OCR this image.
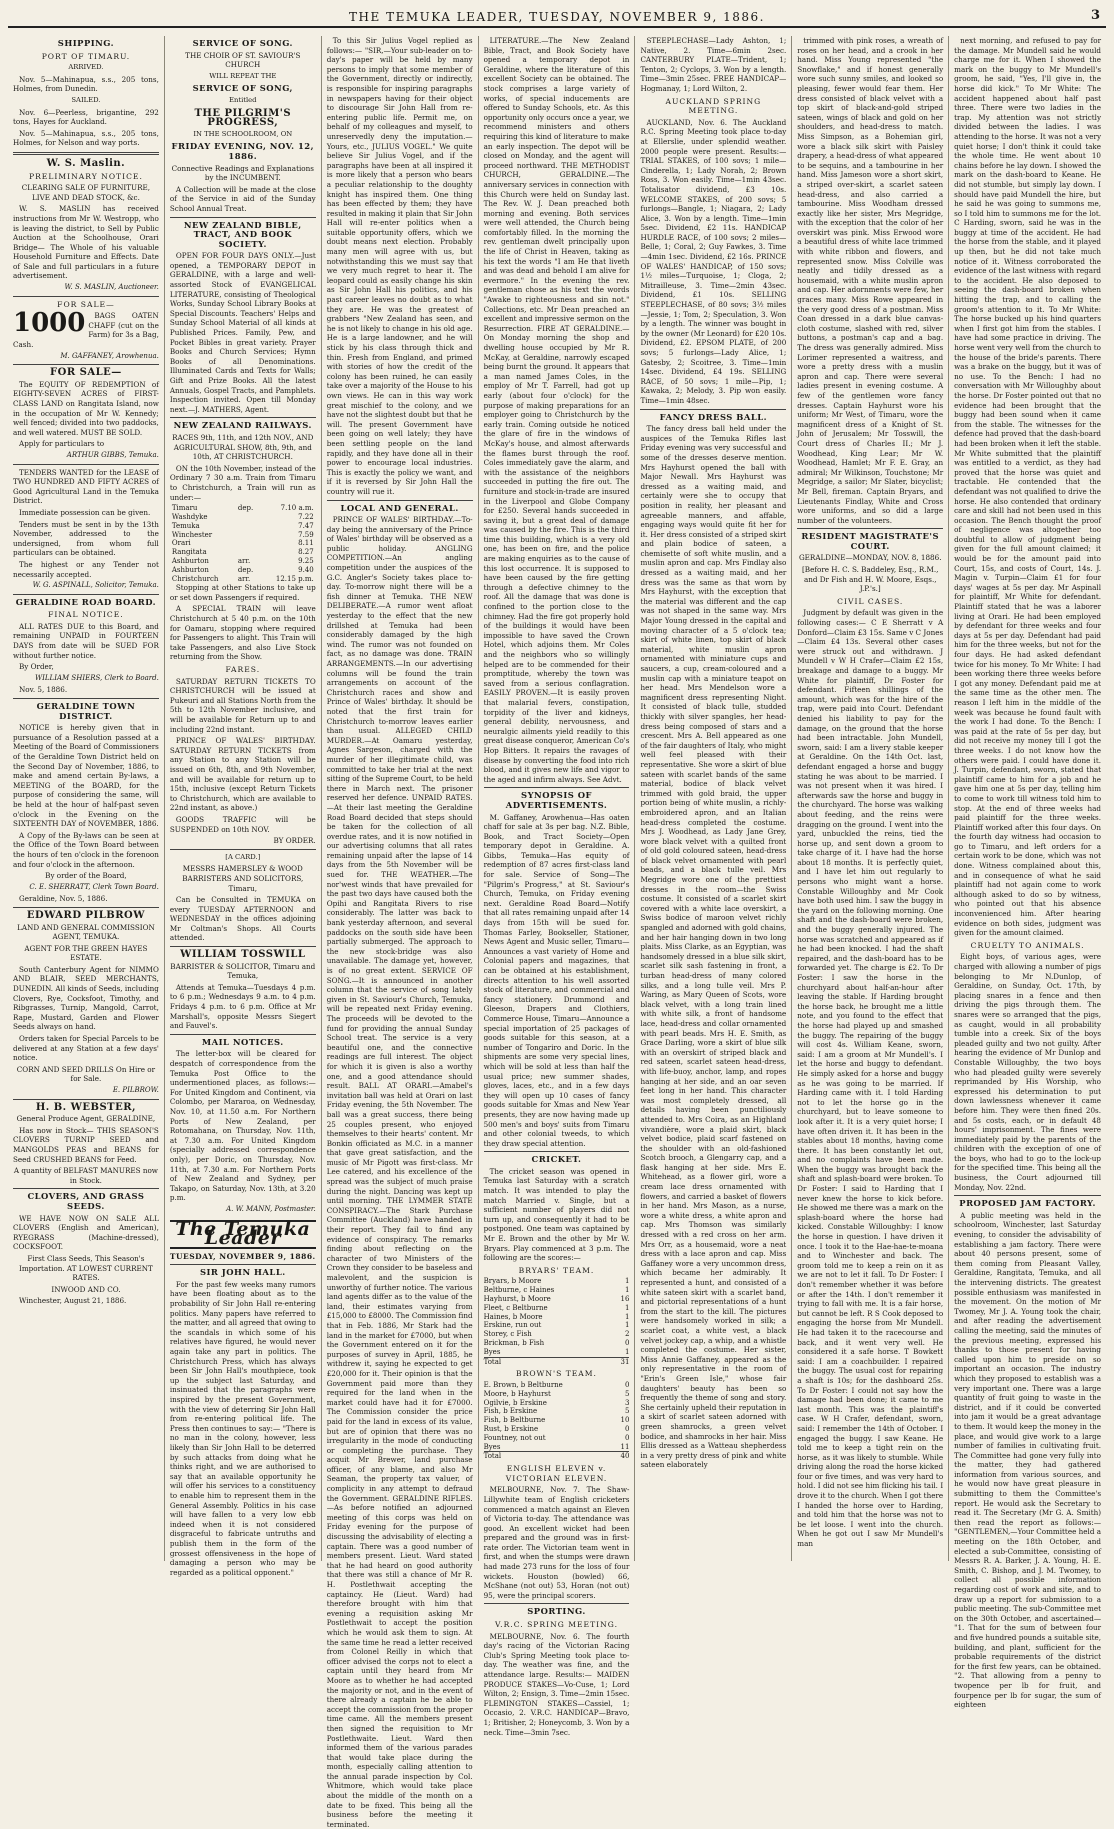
THE TEMUKA LEADER, TUESDAY, NOVEMBER 9, 1886.	3
SHIPPING.
PORT OF TIMARU.

ARRIVED.

Nov. 5—Mahinapua, s.s., 205 tons, Holmes, from Dunedin.

SAILED.

Nov. 6—Peerless, brigantine, 292 tons, Hayes for Auckland.

Nov. 5—Mahinapua, s.s., 205 tons, Holmes, for Nelson and way ports.

W. S. Maslin.
PRELIMINARY NOTICE.

CLEARING SALE OF FURNITURE, LIVE AND DEAD STOCK, &c.

W. S. MASLIN has received instructions from Mr W. Westropp, who is leaving the district, to Sell by Public Auction at the Schoolhouse, Orari Bridge— The Whole of his valuable Household Furniture and Effects. Date of Sale and full particulars in a future advertisement.

W. S. MASLIN, Auctioneer.

FOR SALE—
1000	BAGS OATEN CHAFF (cut on the Farm) for 3s a Bag, Cash.

M. GAFFANEY, Arowhenua.

FOR SALE—

The EQUITY OF REDEMPTION of EIGHTY-SEVEN ACRES of FIRST-CLASS LAND on Rangitata Island, now in the occupation of Mr W. Kennedy; well fenced; divided into two paddocks, and well watered. MUST BE SOLD.

Apply for particulars to

ARTHUR GIBBS, Temuka.

TENDERS WANTED for the LEASE of TWO HUNDRED AND FIFTY ACRES of Good Agricultural Land in the Temuka District.

Immediate possession can be given.

Tenders must be sent in by the 13th November, addressed to the undersigned, from whom full particulars can be obtained.

The highest or any Tender not necessarily accepted.

W. G. ASPINALL, Solicitor, Temuka.

GERALDINE ROAD BOARD.
FINAL NOTICE.

ALL RATES DUE to this Board, and remaining UNPAID in FOURTEEN DAYS from date will be SUED FOR without further notice.

By Order,

WILLIAM SHIERS, Clerk to Board.

Nov. 5, 1886.

GERALDINE TOWN DISTRICT.

NOTICE is hereby given that in pursuance of a Resolution passed at a Meeting of the Board of Commissioners of the Geraldine Town District held on the Second Day of November, 1886, to make and amend certain By-laws, a MEETING of the BOARD, for the purpose of considering the same, will be held at the hour of half-past seven o'clock in the Evening on the SIXTEENTH DAY of NOVEMBER, 1886.

A Copy of the By-laws can be seen at the Office of the Town Board between the hours of ten o'clock in the forenoon and four o'clock in the afternoon.

By order of the Board,

C. E. SHERRATT, Clerk Town Board.

Geraldine, Nov. 5, 1886.

EDWARD PILBROW

LAND AND GENERAL COMMISSION AGENT, TEMUKA.

AGENT FOR THE GREEN HAYES ESTATE.

South Canterbury Agent for NIMMO AND BLAIR, SEED MERCHANTS, DUNEDIN. All kinds of Seeds, including Clovers, Rye, Cocksfoot, Timothy, and Ribgrasses, Turnip, Mangold, Carrot, Rape, Mustard, Garden and Flower Seeds always on hand.

Orders taken for Special Parcels to be delivered at any Station at a few days' notice.

CORN AND SEED DRILLS On Hire or for Sale.

E. PILBROW.

H. B. WEBSTER,

General Produce Agent, GERALDINE,

Has now in Stock— THIS SEASON'S CLOVERS TURNIP SEED and MANGOLDS PEAS and BEANS for Seed CRUSHED BEANS for Feed.

A quantity of BELFAST MANURES now in Stock.

CLOVERS, AND GRASS SEEDS.

WE HAVE NOW ON SALE ALL CLOVERS (English and American), RYEGRASS (Machine-dressed), COCKSFOOT.

First Class Seeds, This Season's Importation. AT LOWEST CURRENT RATES.

INWOOD AND CO.

Winchester, August 21, 1886.

SERVICE OF SONG.

THE CHOIR OF ST. SAVIOUR'S CHURCH

WILL REPEAT THE

SERVICE OF SONG,

Entitled

THE PILGRIM'S PROGRESS,

IN THE SCHOOLROOM, ON

FRIDAY EVENING, NOV. 12, 1886.

Connective Readings and Explanations by the INCUMBENT.

A Collection will be made at the close of the Service in aid of the Sunday School Annual Treat.

NEW ZEALAND BIBLE, TRACT, AND BOOK SOCIETY.

OPEN FOR FOUR DAYS ONLY.—Just opened, a TEMPORARY DEPOT in GERALDINE, with a large and well-assorted Stock of EVANGELICAL LITERATURE, consisting of Theological Works, Sunday School Library Books at Special Discounts. Teachers' Helps and Sunday School Material of all kinds at Published Prices. Family, Pew, and Pocket Bibles in great variety. Prayer Books and Church Services; Hymn Books of all Denominations. Illuminated Cards and Texts for Walls; Gift and Prize Books. All the latest Annuals, Gospel Tracts, and Pamphlets. Inspection invited. Open till Monday next.—J. MATHERS, Agent.

NEW ZEALAND RAILWAYS.

RACES 9th, 11th, and 12th NOV., AND AGRICULTURAL SHOW, 8th, 9th, and 10th, AT CHRISTCHURCH.

ON the 10th November, instead of the Ordinary 7 30 a.m. Train from Timaru to Christchurch, a Train will run as under:—

Timaru	dep.	7.10 a.m.
Washdyke		7.22
Temuka		7.47
Winchester		7.59
Orari		8.11
Rangitata		8.27
Ashburton	arr.	9.25
Ashburton	dep.	9.40
Christchurch	arr.	12.15 p.m.

Stopping at other Stations to take up or set down Passengers if required.

A SPECIAL TRAIN will leave Christchurch at 5 40 p.m. on the 10th for Oamaru, stopping where required for Passengers to alight. This Train will take Passengers, and also Live Stock returning from the Show.

FARES.

SATURDAY RETURN TICKETS TO CHRISTCHURCH will be issued at Pukeuri and all Stations North from the 5th to 12th November inclusive, and will be available for Return up to and including 22nd instant.

PRINCE OF WALES' BIRTHDAY. SATURDAY RETURN TICKETS from any Station to any Station will be issued on 6th, 8th, and 9th November, and will be available for return up to 15th, inclusive (except Return Tickets to Christchurch, which are available to 22nd instant, as above.)

GOODS TRAFFIC will be SUSPENDED on 10th NOV.

BY ORDER.

[A CARD.]

MESSRS HAMERSLEY & WOOD BARRISTERS AND SOLICITORS, Timaru,

Can be Consulted in TEMUKA on every TUESDAY AFTERNOON and WEDNESDAY in the offices adjoining Mr Coltman's Shops. All Courts attended.

WILLIAM TOSSWILL

BARRISTER & SOLICITOR, Timaru and Temuka,

Attends at Temuka—Tuesdays 4 p.m. to 6 p.m.; Wednesdays 9 a.m. to 4 p.m. Fridays 4 p.m. to 6 p.m. Office at Mr Marshall's, opposite Messrs Siegert and Fauvel's.

MAIL NOTICES.

The letter-box will be cleared for despatch of correspondence from the Temuka Post Office to the undermentioned places, as follows:— For United Kingdom and Continent, via Colombo, per Mararoa, on Wednesday, Nov. 10, at 11.50 a.m. For Northern Ports of New Zealand, per Rotomahana, on Thursday, Nov. 11th, at 7.30 a.m. For United Kingdom (specially addressed correspondence only), per Doric, on Thursday, Nov. 11th, at 7.30 a.m. For Northern Ports of New Zealand and Sydney, per Takapo, on Saturday, Nov. 13th, at 3.20 p.m.

A. W. MANN, Postmaster.

The Temuka Leader
TUESDAY, NOVEMBER 9, 1886.
SIR JOHN HALL.

For the past few weeks many rumors have been floating about as to the probability of Sir John Hall re-entering politics. Many papers have referred to the matter, and all agreed that owing to the scandals in which some of his relatives have figured, he would never again take any part in politics. The Christchurch Press, which has always been Sir John Hall's mouthpiece, took up the subject last Saturday, and insinuated that the paragraphs were inspired by the present Government, with the view of deterring Sir John Hall from re-entering political life. The Press then continues to say:— "There is no man in the colony, however, less likely than Sir John Hall to be deterred by such attacks from doing what he thinks right, and we are authorised to say that an available opportunity he will offer his services to a constituency to enable him to represent them in the General Assembly. Politics in his case will have fallen to a very low ebb indeed when it is not considered disgraceful to fabricate untruths and publish them in the form of the grossest offensiveness in the hope of damaging a person who may be regarded as a political opponent."

To this Sir Julius Vogel replied as follows:— "SIR,—Your sub-leader on to-day's paper will be held by many persons to imply that some member of the Government, directly or indirectly, is responsible for inspiring paragraphs in newspapers having for their object to discourage Sir John Hall from re-entering public life. Permit me, on behalf of my colleagues and myself, to unreservedly deny the imputation.—Yours, etc., JULIUS VOGEL." We quite believe Sir Julius Vogel, and if the paragraphs have been at all inspired it is more likely that a person who bears a peculiar relationship to the doughty knight has inspired them. One thing has been effected by them; they have resulted in making it plain that Sir John Hall will re-enter politics when a suitable opportunity offers, which we doubt means next election. Probably many men will agree with us, but notwithstanding this we must say that we very much regret to hear it. The leopard could as easily change his skin as Sir John Hall his politics, and his past career leaves no doubt as to what they are. He was the greatest of grabbers "New Zealand has seen, and he is not likely to change in his old age. He is a large landowner, and he will stick by his class through thick and thin. Fresh from England, and primed with stories of how the credit of the colony has been ruined, he can easily take over a majority of the House to his own views. He can in this way work great mischief to the colony, and we have not the slightest doubt but that he will. The present Government have been going on well lately; they have been settling people on the land rapidly, and they have done all in their power to encourage local industries. This is exactly the policy we want, and if it is reversed by Sir John Hall the country will rue it.

LOCAL AND GENERAL.

PRINCE OF WALES' BIRTHDAY.—To-day being the anniversary of the Prince of Wales' birthday will be observed as a public holiday. ANGLING COMPETITION.—An angling competition under the auspices of the G.C. Angler's Society takes place to-day. To-morrow night there will be a fish dinner at Temuka. THE NEW DELIBERATE.—A rumor went afloat yesterday to the effect that the new drillshed at Temuka had been considerably damaged by the high wind. The rumor was not founded on fact, as no damage was done. TRAIN ARRANGEMENTS.—In our advertising columns will be found the train arrangements on account of the Christchurch races and show and Prince of Wales' birthday. It should be noted that the first train for Christchurch to-morrow leaves earlier than usual. ALLEGED CHILD MURDER.—At Oamaru yesterday, Agnes Sargeson, charged with the murder of her illegitimate child, was committed to take her trial at the next sitting of the Supreme Court, to be held there in March next. The prisoner reserved her defence. UNPAID RATES.—At their last meeting the Geraldine Road Board decided that steps should be taken for the collection of all overdue rates, and it is now notified in our advertising columns that all rates remaining unpaid after the lapse of 14 days from the 5th November will be sued for. THE WEATHER.—The nor'west winds that have prevailed for the past two days have caused both the Opihi and Rangitata Rivers to rise considerably. The latter was back to bank yesterday afternoon, and several paddocks on the south side have been partially submerged. The approach to the new stock-bridge was also unavailable. The damage yet, however, is of no great extent. SERVICE OF SONG.—It is announced in another column that the service of song lately given in St. Saviour's Church, Temuka, will be repeated next Friday evening. The proceeds will be devoted to the fund for providing the annual Sunday School treat. The service is a very beautiful one, and the connective readings are full interest. The object for which it is given is also a worthy one, and a good attendance should result. BALL AT ORARI.—Amabel's invitation ball was held at Orari on last Friday evening, the 5th November. The ball was a great success, there being 25 couples present, who enjoyed themselves to their hearts' content. Mr Bonkin officiated as M.C. in a manner that gave great satisfaction, and the music of Mr Pigott was first-class. Mr Lee catered, and his excellence of the spread was the subject of much praise during the night. Dancing was kept up until morning. THE LYMMER STATE CONSPIRACY.—The Stark Purchase Committee (Auckland) have handed in their report. They fail to find any evidence of conspiracy. The remarks finding about reflecting on the character of two Ministers of the Crown they consider to be baseless and malevolent, and the suspicion is unworthy of further notice. The various land agents differ as to the value of the land, their estimates varying from £15,000 to £8000. The Commission find that in Feb. 1886, Mr Stark had the land in the market for £7000, but when the Government entered on it for the purposes of survey in April, 1885, he withdrew it, saying he expected to get £20,000 for it. Their opinion is that the Government paid more than they required for the land when in the market could have had it for £7000. The Commission consider the price paid for the land in excess of its value, but are of opinion that there was no irregularity in the mode of conducting or completing the purchase. They acquit Mr Brewer, land purchase officer, of any blame, and also Mr Seaman, the property tax valuer, of complicity in any attempt to defraud the Government. GERALDINE RIFLES.—As before notified an adjourned meeting of this corps was held on Friday evening for the purpose of discussing the advisability of electing a captain. There was a good number of members present. Lieut. Ward stated that he had heard on good authority that there was still a chance of Mr R. H. Postlethwait accepting the captaincy. He (Lieut. Ward) had therefore brought with him that evening a requisition asking Mr Postlethwait to accept the position which he would ask them to sign. At the same time he read a letter received from Colonel Reilly in which that officer advised the corps not to elect a captain until they heard from Mr Moore as to whether he had accepted the majority or not, and in the event of there already a captain he be able to accept the commission from the proper time came. All the members present then signed the requisition to Mr Postlethwaite. Lieut. Ward then informed them of the various parades that would take place during the month, especially calling attention to the annual parade inspection by Col. Whitmore, which would take place about the middle of the month on a date to be fixed. This being all the business before the meeting it terminated.

LITERATURE.—The New Zealand Bible, Tract, and Book Society have opened a temporary depot in Geraldine, where the literature of this excellent Society can be obtained. The stock comprises a large variety of works, of special inducements are offered to Sunday Schools, etc. As this opportunity only occurs once a year, we recommend ministers and others requiring this kind of literature to make an early inspection. The depot will be closed on Monday, and the agent will proceed northward. THE METHODIST CHURCH, GERALDINE.—The anniversary services in connection with this Church were held on Sunday last. The Rev. W. J. Dean preached both morning and evening. Both services were well attended, the Church being comfortably filled. In the morning the rev. gentleman dwelt principally upon the life of Christ in Heaven, taking as his text the words "I am He that liveth and was dead and behold I am alive for evermore." In the evening the rev. gentleman chose as his text the words "Awake to righteousness and sin not." Collections, etc. Mr Dean preached an excellent and impressive sermon on the Resurrection. FIRE AT GERALDINE.—On Monday morning the shop and dwelling house occupied by Mr R. McKay, at Geraldine, narrowly escaped being burnt the ground. It appears that a man named James Coles, in the employ of Mr T. Farrell, had got up early (about four o'clock) for the purpose of making preparations for an employer going to Christchurch by the early train. Coming outside he noticed the glare of fire in the windows of McKay's house, and almost afterwards the flames burst through the roof. Coles immediately gave the alarm, and with the assistance of the neighbors succeeded in putting the fire out. The furniture and stock-in-trade are insured in the Liverpool and Globe Company for £250. Several hands succeeded in saving it, but a great deal of damage was caused by the fire. This is the third time this building, which is a very old one, has been on fire, and the police are making enquiries as to the cause of this lost occurrence. It is supposed to have been caused by the fire getting through a defective chimney to the roof. All the damage that was done is confined to the portion close to the chimney. Had the fire got properly hold of the buildings it would have been impossible to have saved the Crown Hotel, which adjoins them. Mr Coles and the neighbors who so willingly helped are to be commended for their promptitude, whereby the town was saved from a serious conflagration. EASILY PROVEN.—It is easily proven that malarial fevers, constipation, torpidity of the liver and kidneys, general debility, nervousness, and neuralgic ailments yield readily to this great disease conqueror, American Co's Hop Bitters. It repairs the ravages of disease by converting the food into rich blood, and it gives new life and vigor to the aged and infirm always. See Advt.

SYNOPSIS OF ADVERTISEMENTS.

M. Gaffaney, Arowhenua—Has oaten chaff for sale at 3s per bag. N.Z. Bible, Book, and Tract Society—Open temporary depot in Geraldine. A. Gibbs, Temuka—Has equity of redemption of 87 acres first-class land for sale. Service of Song—The "Pilgrim's Progress," at St. Saviour's Church, Temuka, on Friday evening next. Geraldine Road Board—Notify that all rates remaining unpaid after 14 days from 15th will be sued for. Thomas Farley, Bookseller, Stationer, News Agent and Music seller, Timaru—Announces a vast variety of Home and Colonial papers and magazines, that can be obtained at his establishment, directs attention to his well assorted stock of literature, and commercial and fancy stationery. Drummond and Gleeson, Drapers and Clothiers, Commerce House, Timaru—Announce a special importation of 25 packages of goods suitable for this season, at a number of Tongariro and Doric. In the shipments are some very special lines, which will be sold at less than half the usual price; new summer shades, gloves, laces, etc., and in a few days they will open up 10 cases of fancy goods suitable for Xmas and New Year presents, they are now having made up 500 men's and boys' suits from Timaru and other colonial tweeds, to which they draw special attention.

CRICKET.

The cricket season was opened in Temuka last Saturday with a scratch match. It was intended to play the match Married v. Single, but a sufficient number of players did not turn up, and consequently it had to be postponed. One team was captained by Mr E. Brown and the other by Mr W. Bryars. Play commenced at 3 p.m. The following are the scores:—

BRYARS' TEAM.
Bryars, b Moore	1
Beltburne, c Haines	1
Hayhurst, b Moore	16
Fleet, c Beltburne	1
Haines, b Moore	1
Erskine, run out	1
Storey, c Fish	2
Brickman, b Fish	0
Byes	1
Total	31
BROWN'S TEAM.
E. Brown, b Beltburne	0
Moore, b Hayhurst	5
Ogilvie, b Erskine	3
Fish, b Erskine	5
Fish, b Beltburne	10
Rust, b Erskine	0
Fountney, not out	0
Byes	11
Total	40
ENGLISH ELEVEN v. VICTORIAN ELEVEN.

MELBOURNE, Nov. 7. The Shaw-Lillywhite team of English cricketers commenced a match against an Eleven of Victoria to-day. The attendance was good. An excellent wicket had been prepared and the ground was in first-rate order. The Victorian team went in first, and when the stumps were drawn had made 273 runs for the loss of four wickets. Houston (bowled) 66, McShane (not out) 53, Horan (not out) 95, were the principal scorers.

SPORTING.
V.R.C. SPRING MEETING.

MELBOURNE, Nov. 6. The fourth day's racing of the Victorian Racing Club's Spring Meeting took place to-day. The weather was fine, and the attendance large. Results:— MAIDEN PRODUCE STAKES—Vo-Cuse, 1; Lord Wilton, 2; Ensign, 3. Time—2min 15sec. FLEMINGTON STAKES—Cassiel, 1; Occasio, 2. V.R.C. HANDICAP—Bravo, 1; Britisher, 2; Honeycomb, 3. Won by a neck. Time—3min 7sec.

STEEPLECHASE—Lady Ashton, 1; Native, 2. Time—6min 2sec. CANTERBURY PLATE—Trident, 1; Tenton, 2; Cyclops, 3. Won by a length. Time—3min 25sec. FREE HANDICAP—Hogmanay, 1; Lord Wilton, 2.

AUCKLAND SPRING MEETING.

AUCKLAND, Nov. 6. The Auckland R.C. Spring Meeting took place to-day at Ellerslie, under splendid weather. 2000 people were present. Results:— TRIAL STAKES, of 100 sovs; 1 mile—Cinderella, 1; Lady Norah, 2; Brown Ross, 3. Won easily. Time—1min 43sec. Totalisator dividend, £3 10s. WELCOME STAKES, of 200 sovs; 5 furlongs—Bangle, 1; Niagara, 2; Lady Alice, 3. Won by a length. Time—1min 5sec. Dividend, £2 11s. HANDICAP HURDLE RACE, of 100 sovs; 2 miles—Belle, 1; Coral, 2; Guy Fawkes, 3. Time—4min 1sec. Dividend, £2 16s. PRINCE OF WALES' HANDICAP, of 150 sovs; 1½ miles—Turquoise, 1; Cloga, 2; Mitrailleuse, 3. Time—2min 43sec. Dividend, £1 10s. SELLING STEEPLECHASE, of 80 sovs; 3½ miles—Jessie, 1; Tom, 2; Speculation, 3. Won by a length. The winner was bought in by the owner (Mr Leonard) for £20 10s. Dividend, £2. EPSOM PLATE, of 200 sovs; 5 furlongs—Lady Alice, 1; Gatesby, 2; Scoitree, 3. Time—1min 14sec. Dividend, £4 19s. SELLING RACE, of 50 sovs; 1 mile—Pip, 1; Kawaka, 2; Melody, 3. Pip won easily. Time—1min 48sec.

FANCY DRESS BALL.

The fancy dress ball held under the auspices of the Temuka Rifles last Friday evening was very successful and some of the dresses deserve mention. Mrs Hayhurst opened the ball with Major Newall. Mrs Hayhurst was dressed as a waiting maid, and certainly were she to occupy that position in reality, her pleasant and agreeable manners, and affable, engaging ways would quite fit her for it. Her dress consisted of a striped skirt and plain bodice of sateen, a chemisette of soft white muslin, and a muslin apron and cap. Mrs Findlay also dressed as a waiting maid, and her dress was the same as that worn by Mrs Hayhurst, with the exception that the material was different and the cap was not shaped in the same way. Mrs Major Young dressed in the capital and moving character of a 5 o'clock tea; skirt of white linen, top skirt of black material, white muslin apron ornamented with miniature cups and saucers, a cup, cream-coloured and a muslin cap with a miniature teapot on her head. Mrs Mendelson wore a magnificent dress representing Night. It consisted of black tulle, studded thickly with silver spangles, her head-dress being composed of stars and a crescent. Mrs A. Bell appeared as one of the fair daughters of Italy, who might well feel pleased with their representative. She wore a skirt of blue sateen with scarlet bands of the same material, bodice of black velvet trimmed with gold braid, the upper portion being of white muslin, a richly-embroidered apron, and an Italian head-dress completed the costume. Mrs J. Woodhead, as Lady Jane Grey, wore black velvet with a quilted front of old gold coloured sateen, head-dress of black velvet ornamented with pearl beads, and a black tulle veil. Mrs Megridge wore one of the prettiest dresses in the room—the Swiss costume. It consisted of a scarlet skirt covered with a white lace overskirt, a Swiss bodice of maroon velvet richly spangled and adorned with gold chains, and her hair hanging down in two long plaits. Miss Clarke, as an Egyptian, was handsomely dressed in a blue silk skirt, scarlet silk sash fastening in front, a turban head-dress of many colored silks, and a long tulle veil. Mrs P. Waring, as Mary Queen of Scots, wore black velvet, with a long train lined with white silk, a front of handsome lace, head-dress and collar ornamented with pearl beads. Mrs H. E. Smith, as Grace Darling, wore a skirt of blue silk with an overskirt of striped black and red sateen, scarlet sateen head-dress, with life-buoy, anchor, lamp, and ropes hanging at her side, and an oar seven feet long in her hand. This character was most completely dressed, all details having been punctiliously attended to. Mrs Coira, as an Highland vivandière, wore a plaid skirt, black velvet bodice, plaid scarf fastened on the shoulder with an old-fashioned Scotch brooch, a Glengarry cap, and a flask hanging at her side. Mrs E. Whitehead, as a flower girl, wore a cream lace dress ornamented with flowers, and carried a basket of flowers in her hand. Mrs Mason, as a nurse, wore a white dress, a white apron and cap. Mrs Thomson was similarly dressed with a red cross on her arm. Mrs Orr, as a housemaid, wore a neat dress with a lace apron and cap. Miss Gaffaney wore a very uncommon dress, which became her admirably. It represented a hunt, and consisted of a white sateen skirt with a scarlet band, and pictorial representations of a hunt from the start to the kill. The pictures were handsomely worked in silk; a scarlet coat, a white vest, a black velvet jockey cap, a whip, and a whistle completed the costume. Her sister, Miss Annie Gaffaney, appeared as the only representative in the room of "Erin's Green Isle," whose fair daughters' beauty has been so frequently the theme of song and story. She certainly upheld their reputation in a skirt of scarlet sateen adorned with green shamrocks, a green velvet bodice, and shamrocks in her hair. Miss Ellis dressed as a Watteau shepherdess in a very pretty dress of pink and white sateen elaborately

trimmed with pink roses, a wreath of roses on her head, and a crook in her hand. Miss Young represented "the Snowflake," and if honest generally wore such sunny smiles, and looked so pleasing, fewer would fear them. Her dress consisted of black velvet with a top skirt of black-and-gold striped sateen, wings of black and gold on her shoulders, and head-dress to match. Miss Simpson, as a Bohemian girl, wore a black silk skirt with Paisley drapery, a head-dress of what appeared to be sequins, and a tambourine in her hand. Miss Jameson wore a short skirt, a striped over-skirt, a scarlet sateen head-dress, and also carried a tambourine. Miss Woodham dressed exactly like her sister, Mrs Megridge, with the exception that the color of her overskirt was pink. Miss Erwood wore a beautiful dress of white lace trimmed with white ribbon and flowers, and represented snow. Miss Colville was neatly and tidily dressed as a housemaid, with a white muslin apron and cap. Her adornments were few, her graces many. Miss Rowe appeared in the very good dress of a postman. Miss Coan dressed in a dark blue canvas-cloth costume, slashed with red, silver buttons, a postman's cap and a bag. The dress was generally admired. Miss Lorimer represented a waitress, and wore a pretty dress with a muslin apron and cap. There were several ladies present in evening costume. A few of the gentlemen wore fancy dresses. Captain Hayhurst wore his uniform; Mr West, of Timaru, wore the magnificent dress of a Knight of St. John of Jerusalem; Mr Tosswill, the Court dress of Charles II.; Mr J. Woodhead, King Lear; Mr W. Woodhead, Hamlet; Mr F. E. Gray, an admiral; Mr Wilkinson, Touchstone; Mr Megridge, a sailor; Mr Slater, bicyclist; Mr Bell, fireman. Captain Bryars, and Lieutenants Findlay, White and Cross wore uniforms, and so did a large number of the volunteers.

RESIDENT MAGISTRATE'S COURT.

GERALDINE—MONDAY, NOV. 8, 1886.

[Before H. C. S. Baddeley, Esq., R.M., and Dr Fish and H. W. Moore, Esqs., J.P.'s.]

CIVIL CASES.

Judgment by default was given in the following cases:— C E Sherratt v A Donford—Claim £3 15s. Same v C Jones—Claim £4 13s. Several other cases were struck out and withdrawn. J Mundell v W H Crafer—Claim £2 15s, breakage and damage to a buggy. Mr White for plaintiff, Dr Foster for defendant. Fifteen shillings of the amount, which was for the hire of the trap, were paid into Court. Defendant denied his liability to pay for the damage, on the ground that the horse had been intractable. John Mundell, sworn, said: I am a livery stable keeper at Geraldine. On the 14th Oct. last, defendant engaged a horse and buggy stating he was about to be married. I was not present when it was hired. I afterwards saw the horse and buggy in the churchyard. The horse was walking about feeding, and the reins were dragging on the ground. I went into the yard, unbuckled the reins, tied the horse up, and sent down a groom to take charge of it. I have had the horse about 18 months. It is perfectly quiet, and I have let him out regularly to persons who might want a horse. Constable Willoughby and Mr Cook have both used him. I saw the buggy in the yard on the following morning. One shaft and the dash-board were broken, and the buggy generally injured. The horse was scratched and appeared as if he had been knocked. I had the shaft repaired, and the dash-board has to be forwarded yet. The charge is £2. To Dr Foster: I saw the horse in the churchyard about half-an-hour after leaving the stable. If Harding brought the horse back, he brought me a little note, and you found to the effect that the horse had played up and smashed the buggy. The repairing of the buggy will cost 4s. William Keane, sworn, said: I am a groom at Mr Mundell's. I let the horse and buggy to defendant. He simply asked for a horse and buggy as he was going to be married. If Harding came with it. I told Harding not to let the horse go in the churchyard, but to leave someone to look after it. It is a very quiet horse; I have often driven it. It has been in the stables about 18 months, having come there. It has been constantly let out, and no complaints have been made. When the buggy was brought back the shaft and splash-board were broken. To Dr Foster: I said to Harding that I never knew the horse to kick before. He showed me there was a mark on the splash-board where the horse had kicked. Constable Willoughby: I know the horse in question. I have driven it once. I took it to the Hae-hae-te-moana and to Winchester and back. The groom told me to keep a rein on it as we are not to let it fall. To Dr Foster: I don't remember whether it was before or after the 14th. I don't remember it trying to fall with me. It is a fair horse, but cannot be left. R S Cook deposed to engaging the horse from Mr Mundell. He had taken it to the racecourse and back, and it went very well. He considered it a safe horse. T Bowkett said: I am a coachbuilder. I repaired the buggy. The usual cost for repairing a shaft is 10s; for the dashboard 25s. To Dr Foster: I could not say how the damage had been done; it came to me last month. This was the plaintiff's case. W H Crafer, defendant, sworn, said: I remember the 14th of October. I engaged the buggy. I saw Keane. He told me to keep a tight rein on the horse, as it was likely to stumble. While driving along the road the horse kicked four or five times, and was very hard to hold. I did not see him flicking his tail. I drove it to the church. When I got there I handed the horse over to Harding, and told him that the horse was not to be let loose. I went into the church. When he got out I saw Mr Mundell's man

next morning, and refused to pay for the damage. Mr Mundell said he would charge me for it. When I showed the mark on the buggy to Mr Mundell's groom, he said, "Yes, I'll give in, the horse did kick." To Mr White: The accident happened about half past three. There were two ladies in the trap. My attention was not strictly divided between the ladies. I was attending to the horse. It was not a very quiet horse; I don't think it could take the whole time. He went about 10 chains before he lay down. I showed the mark on the dash-board to Keane. He did not stumble, but simply lay down. I should have paid Mundell the hire, but he said he was going to summons me, so I told him to summons me for the lot. C Harding, sworn, said he was in the buggy at time of the accident. He had the horse from the stable, and it played up then, but he did not take much notice of it. Witness corroborated the evidence of the last witness with regard to the accident. He also deposed to seeing the dash-board broken when hitting the trap, and to calling the groom's attention to it. To Mr White: The horse bucked up his hind quarters when I first got him from the stables. I have had some practice in driving. The horse went very well from the church to the house of the bride's parents. There was a brake on the buggy, but it was of no use. To the Bench: I had no conversation with Mr Willoughby about the horse. Dr Foster pointed out that no evidence had been brought that the buggy had been sound when it came from the stable. The witnesses for the defence had proved that the dash-board had been broken when it left the stable. Mr White submitted that the plaintiff was entitled to a verdict, as they had proved that the horse was quiet and tractable. He contended that the defendant was not qualified to drive the horse. He also contended that ordinary care and skill had not been used in this occasion. The Bench thought the proof of negligence was altogether too doubtful to allow of judgment being given for the full amount claimed; it would be for the amount paid into Court, 15s, and costs of Court, 14s. J. Magin v. Turpin—Claim £1 for four days' wages at 5s per day. Mr Aspinall for plaintiff, Mr White for defendant. Plaintiff stated that he was a laborer living at Orari. He had been employed by defendant for three weeks and four days at 5s per day. Defendant had paid him for the three weeks, but not for the four days. He had asked defendant twice for his money. To Mr White: I had been working there three weeks before I got any money. Defendant paid me at the same time as the other men. The reason I left him in the middle of the week was because he found fault with the work I had done. To the Bench: I was paid at the rate of 5s per day, but did not receive my money till I got the three weeks. I do not know how the others were paid. I could have done it. J. Turpin, defendant, sworn, stated that plaintiff came to him for a job and he gave him one at 5s per day, telling him to come to work till witness told him to stop. At the end of three weeks had paid plaintiff for the three weeks. Plaintiff worked after this four days. On the fourth day witness had occasion to go to Timaru, and left orders for a certain work to be done, which was not done. Witness complained about this, and in consequence of what he said plaintiff had not again come to work although asked to do so by witness, who pointed out that his absence inconvenienced him. After hearing evidence on both sides, judgment was given for the amount claimed.

CRUELTY TO ANIMALS.

Eight boys, of various ages, were charged with allowing a number of pigs belonging to Mr N.Dunlop, of Geraldine, on Sunday, Oct. 17th, by placing snares in a fence and then driving the pigs through them. The snares were so arranged that the pigs, as caught, would in all probability tumble into a creek. Six of the boys pleaded guilty and two not guilty. After hearing the evidence of Mr Dunlop and Constable Willoughby, the two boys who had pleaded guilty were severely reprimanded by His Worship, who expressed his determination to put down lawlessness whenever it came before him. They were then fined 20s. and 5s costs, each, or in default 48 hours' imprisonment. The fines were immediately paid by the parents of the children with the exception of one of the boys, who had to go to the lock-up for the specified time. This being all the business, the Court adjourned till Monday, Nov. 22nd.

PROPOSED JAM FACTORY.

A public meeting was held in the schoolroom, Winchester, last Saturday evening, to consider the advisability of establishing a jam factory. There were about 40 persons present, some of them coming from Pleasant Valley, Geraldine, Rangitata, Temuka, and all the intervening districts. The greatest possible enthusiasm was manifested in the movement. On the motion of Mr Twomey, Mr J. A. Young took the chair, and after reading the advertisement calling the meeting, said the minutes of the previous meeting, expressed his thanks to those present for having called upon him to preside on so important an occasion. The industry which they proposed to establish was a very important one. There was a large quantity of fruit going to waste in the district, and if it could be converted into jam it would be a great advantage to them. It would keep the money in the place, and would give work to a large number of families in cultivating fruit. The Committee had gone very fully into the matter, they had gathered information from various sources, and he would now have great pleasure in submitting to them the Committee's report. He would ask the Secretary to read it. The Secretary (Mr G. A. Smith) then read the report as follows:— "GENTLEMEN,—Your Committee held a meeting on the 18th October, and elected a sub-Committee, consisting of Messrs R. A. Barker, J. A. Young, H. E. Smith, C. Bishop, and J. M. Twomey, to collect all possible information regarding cost of work and site, and to draw up a report for submission to a public meeting. The sub-Committee met on the 30th October, and ascertained— "1. That for the sum of between four and five hundred pounds a suitable site, building, and plant, sufficient for the probable requirements of the district for the first few years, can be obtained. "2. That allowing from a penny to twopence per lb for fruit, and fourpence per lb for sugar, the sum of eighteen
